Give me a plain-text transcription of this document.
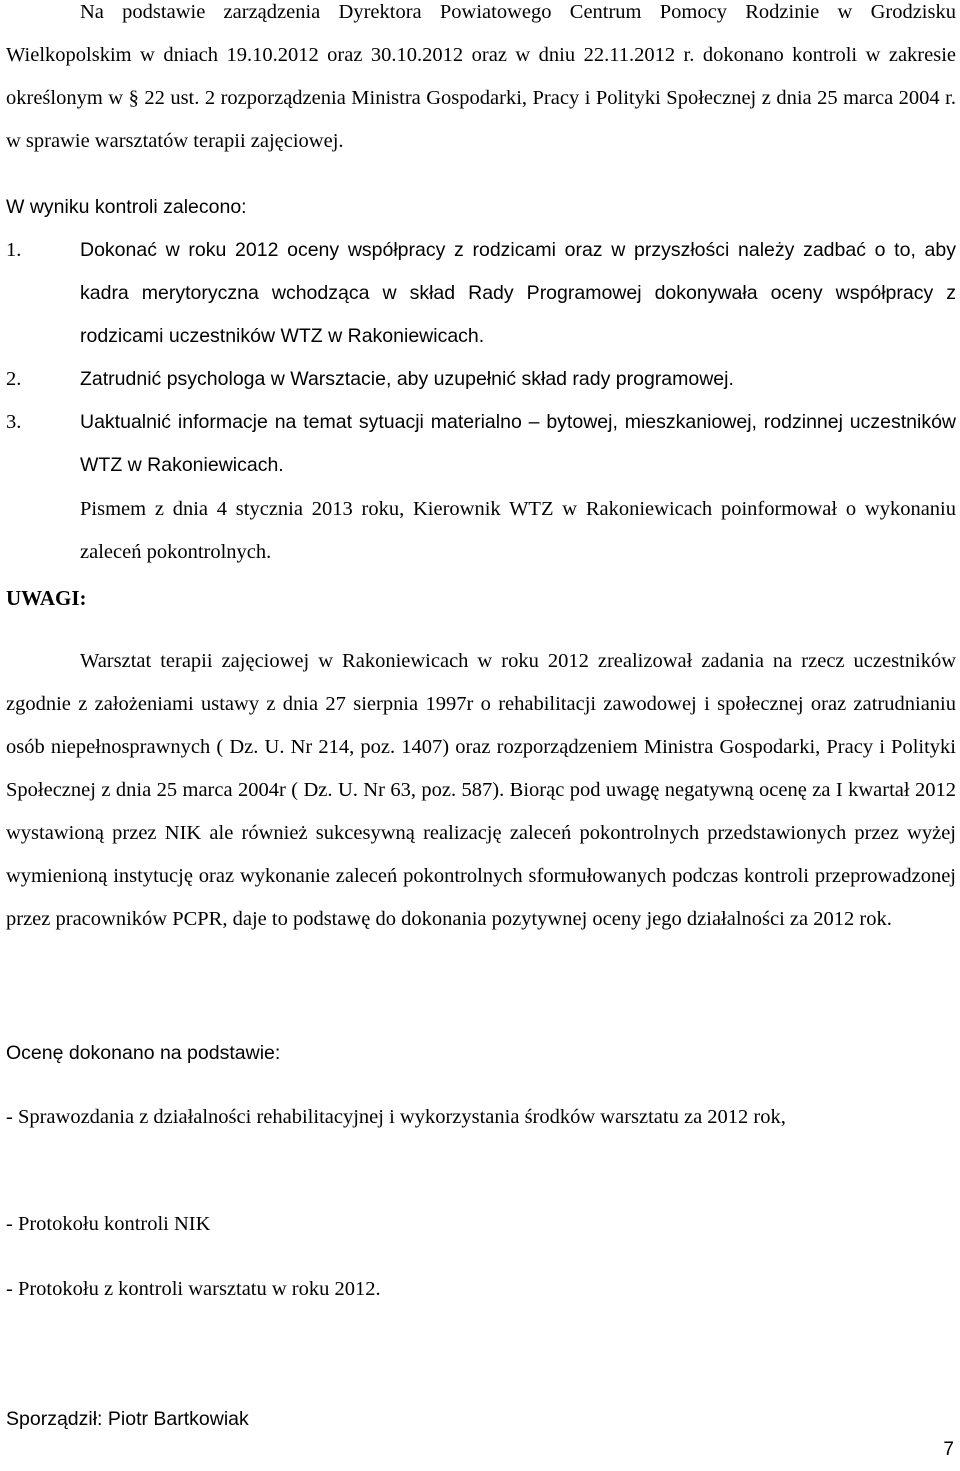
Na podstawie zarządzenia Dyrektora Powiatowego Centrum Pomocy Rodzinie w Grodzisku Wielkopolskim w dniach 19.10.2012 oraz 30.10.2012 oraz w dniu 22.11.2012 r. dokonano kontroli w zakresie określonym w § 22 ust. 2 rozporządzenia Ministra Gospodarki, Pracy i Polityki Społecznej z dnia 25 marca 2004 r. w sprawie warsztatów terapii zajęciowej.

W wyniku kontroli zalecono:

1.	Dokonać w roku 2012 oceny współpracy z rodzicami oraz w przyszłości należy zadbać o to, aby kadra merytoryczna wchodząca w skład Rady Programowej dokonywała oceny współpracy z rodzicami uczestników WTZ w Rakoniewicach.
2.	Zatrudnić psychologa w Warsztacie, aby uzupełnić skład rady programowej.
3.	Uaktualnić informacje na temat sytuacji materialno – bytowej, mieszkaniowej, rodzinnej uczestników WTZ w Rakoniewicach.

Pismem z dnia 4 stycznia 2013 roku, Kierownik WTZ w Rakoniewicach poinformował o wykonaniu zaleceń pokontrolnych.

UWAGI:

Warsztat terapii zajęciowej w Rakoniewicach w roku 2012 zrealizował zadania na rzecz uczestników zgodnie z założeniami ustawy z dnia 27 sierpnia 1997r o rehabilitacji zawodowej i społecznej oraz zatrudnianiu osób niepełnosprawnych ( Dz. U. Nr 214, poz. 1407) oraz rozporządzeniem Ministra Gospodarki, Pracy i Polityki Społecznej z dnia 25 marca 2004r ( Dz. U. Nr 63, poz. 587). Biorąc pod uwagę negatywną ocenę za I kwartał 2012 wystawioną przez NIK ale również sukcesywną realizację zaleceń pokontrolnych przedstawionych przez wyżej wymienioną instytucję oraz wykonanie zaleceń pokontrolnych sformułowanych podczas kontroli przeprowadzonej przez pracowników PCPR, daje to podstawę do dokonania pozytywnej oceny jego działalności za 2012 rok.

Ocenę dokonano na podstawie:

- Sprawozdania z działalności rehabilitacyjnej i wykorzystania środków warsztatu za 2012 rok,

- Protokołu kontroli NIK

- Protokołu z kontroli warsztatu w roku 2012.

Sporządził: Piotr Bartkowiak

7
